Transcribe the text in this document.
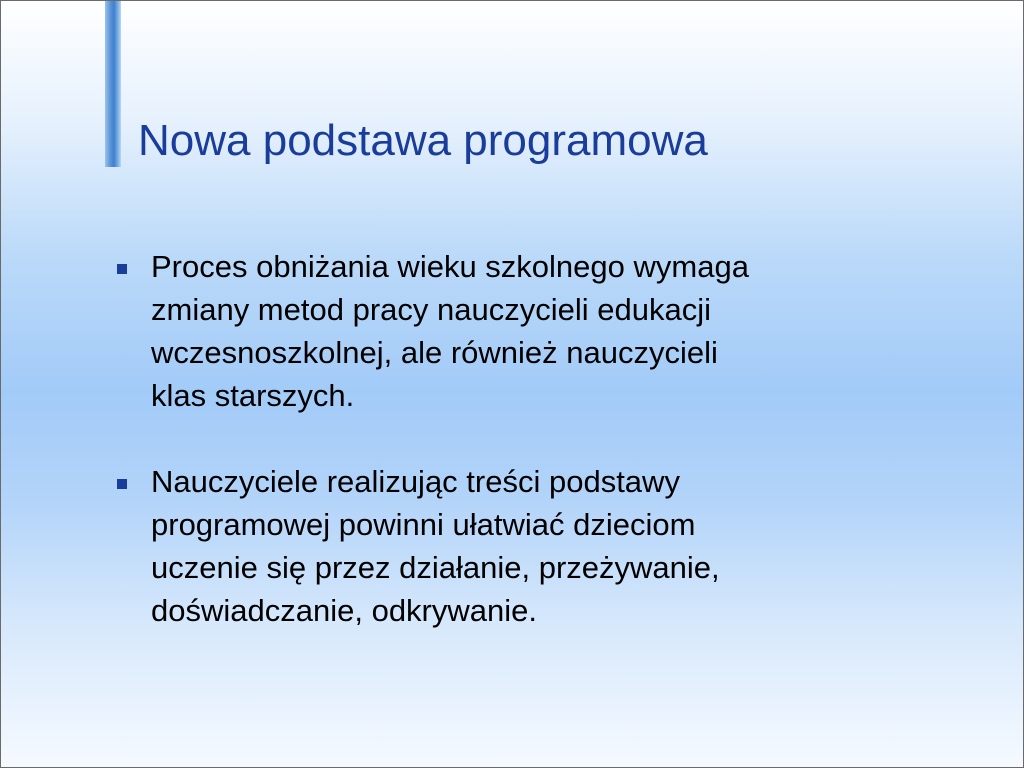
Nowa podstawa programowa
Proces obniżania wieku szkolnego wymaga
zmiany metod pracy nauczycieli edukacji
wczesnoszkolnej, ale również nauczycieli
klas starszych.
Nauczyciele realizując treści podstawy
programowej powinni ułatwiać dzieciom
uczenie się przez działanie, przeżywanie,
doświadczanie, odkrywanie.
